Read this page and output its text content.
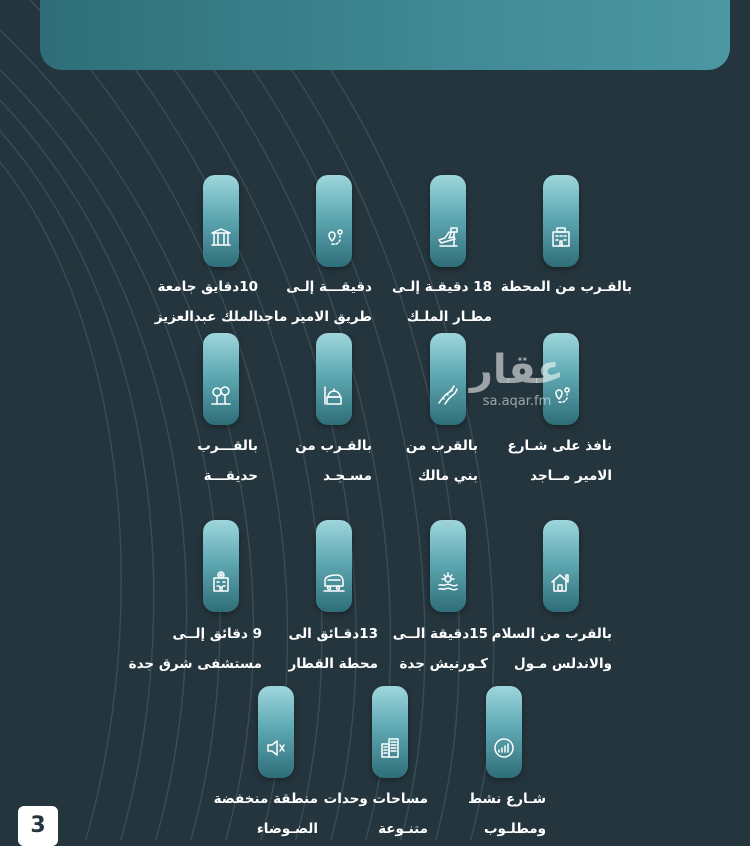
بالقـرب من المحطة
18 دقيقـة إلـى
مطـار الملـك
دقيقـــة إلـى
طريق الامير ماجد
10دقايق جامعة
الملك عبدالعزيز
نافذ على شـارع
الامير مــاجد
بالقرب من
بني مالك
بالقـرب من
مسـجـد
بالقـــرب
حديقـــة
بالقرب من السلام
والاندلس مـول
15دقيقة الــى
كـورنيش جدة
13دقـائق الى
محطة القطار
9 دقائق إلــى
مستشفى شرق جدة
شـارع نشط
ومطلـوب
مساحات وحدات
متنـوعة
منطقة منخفضة
الضـوضاء
عقار
sa.aqar.fm
3
